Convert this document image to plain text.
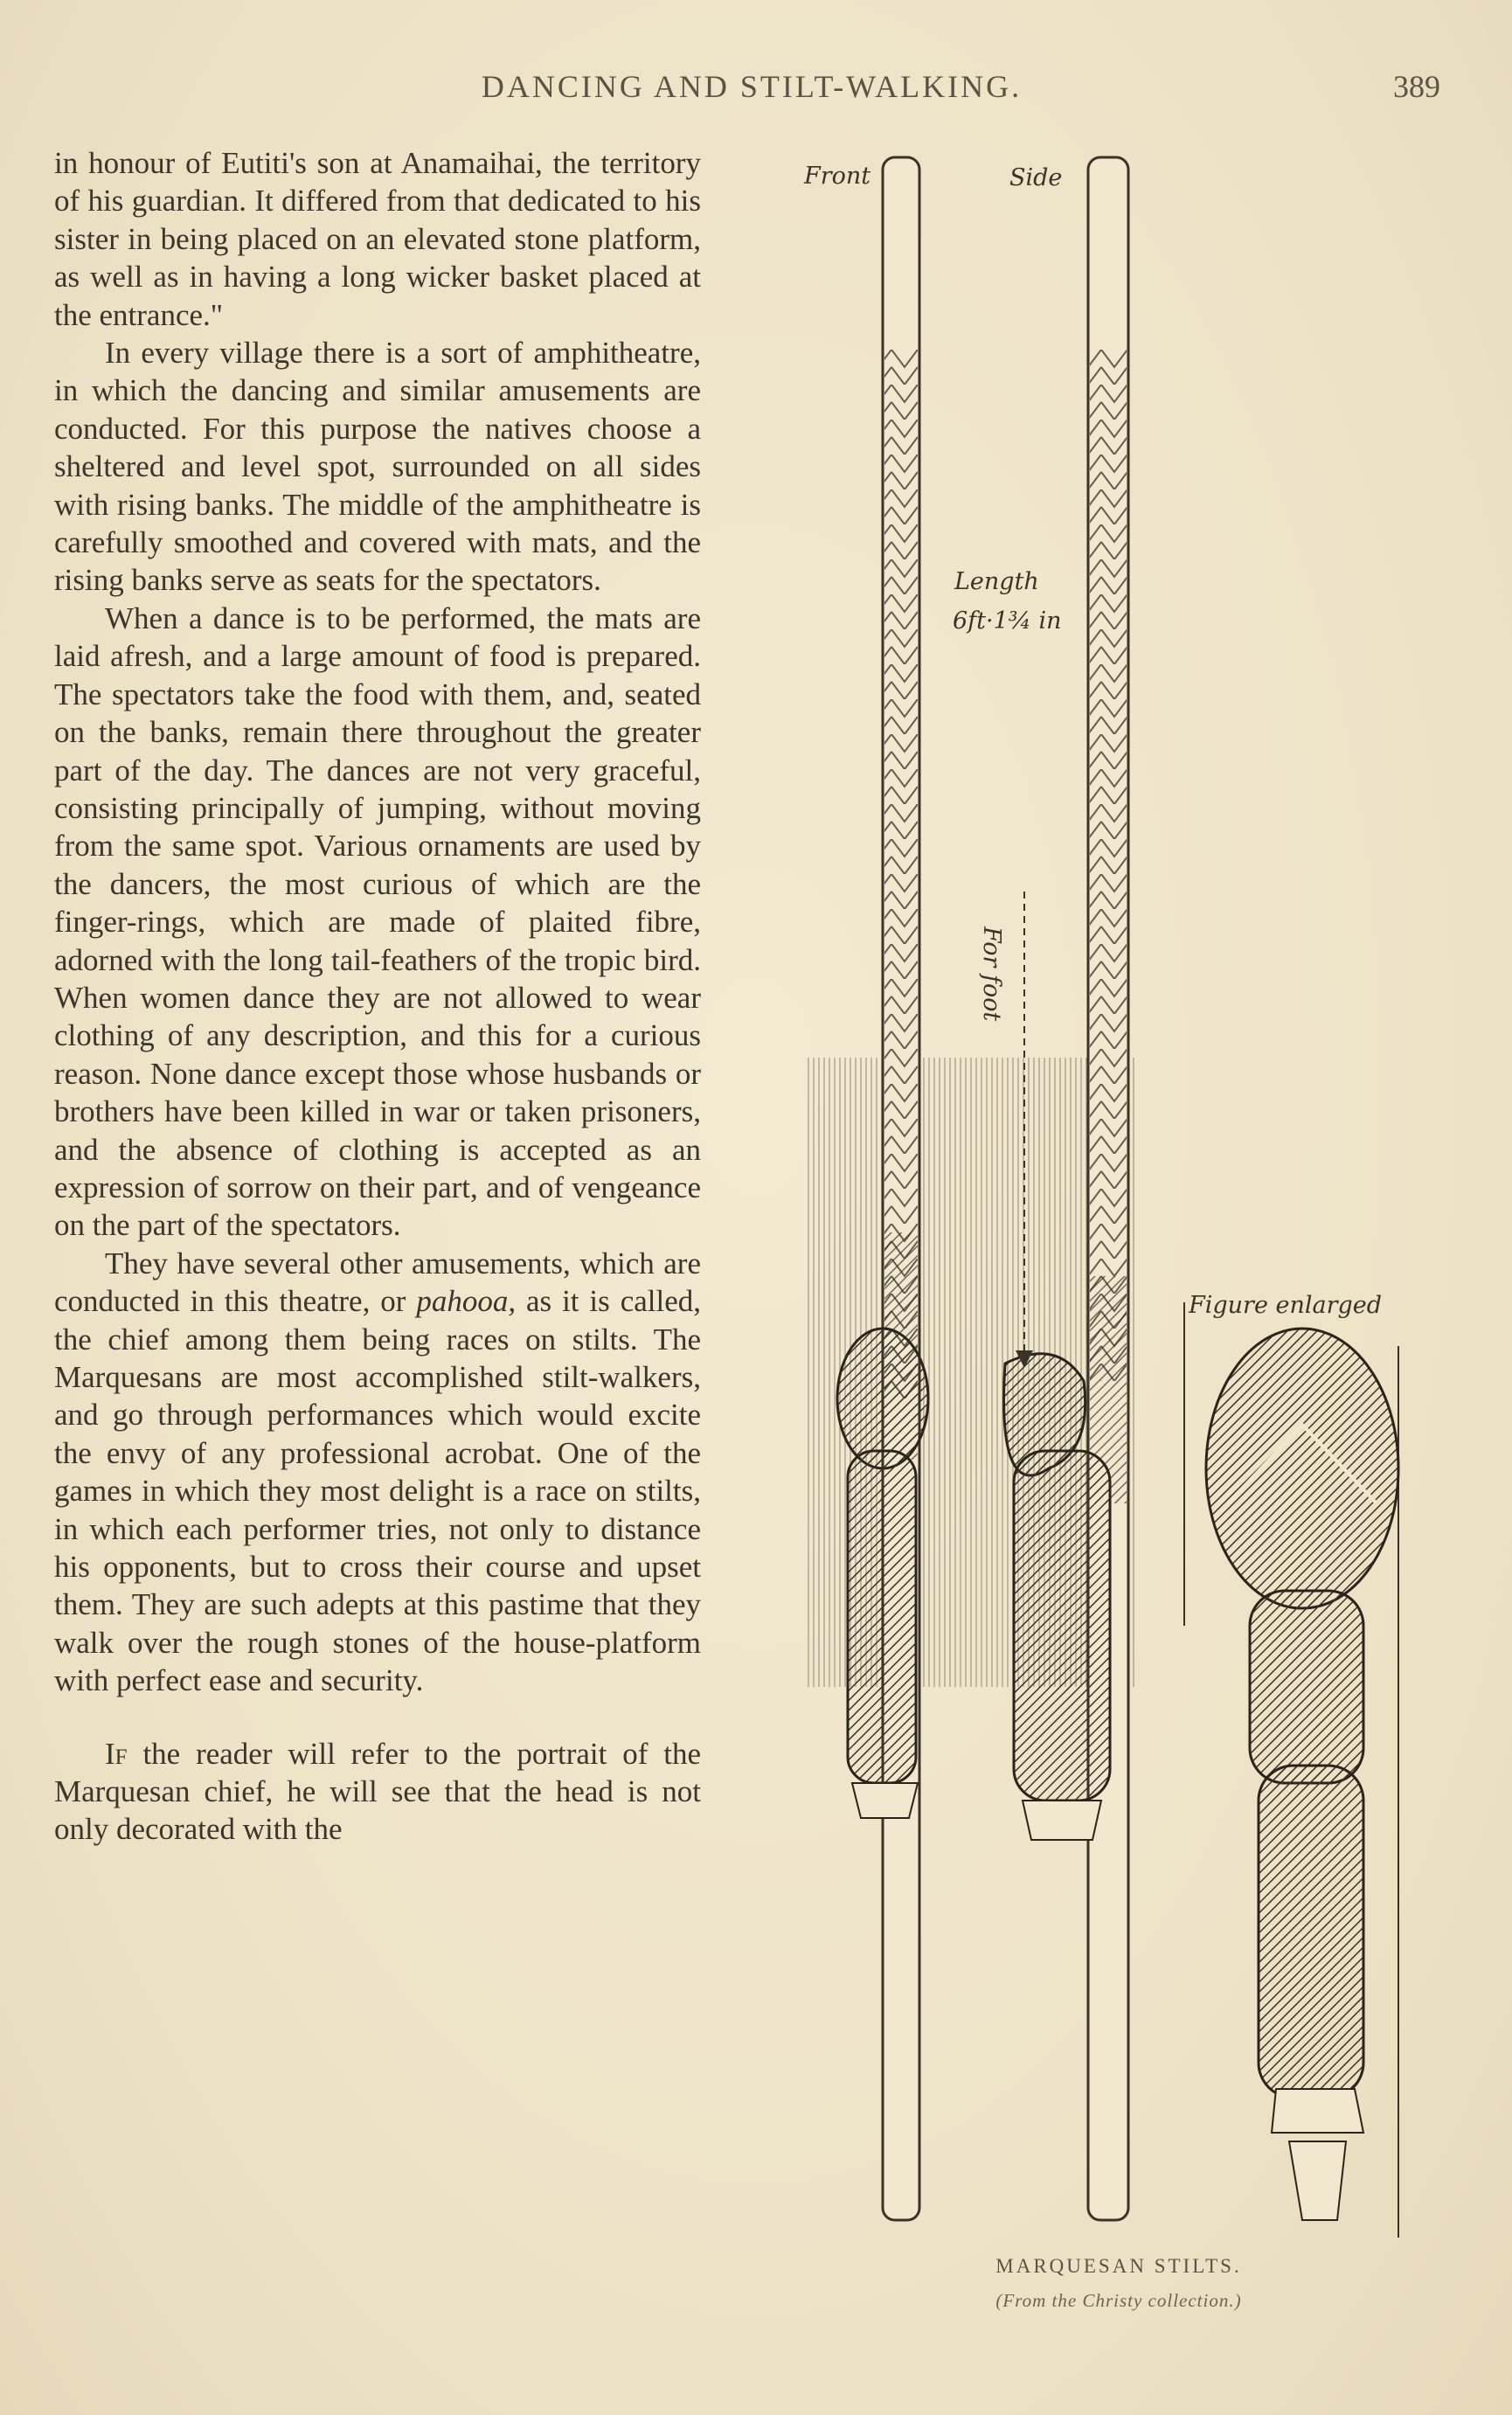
DANCING AND STILT-WALKING.	389

in honour of Eutiti's son at Anamaihai, the territory of his guardian. It differed from that dedicated to his sister in being placed on an elevated stone platform, as well as in having a long wicker basket placed at the entrance."

In every village there is a sort of amphitheatre, in which the dancing and similar amusements are conducted. For this purpose the natives choose a sheltered and level spot, surrounded on all sides with rising banks. The middle of the amphitheatre is carefully smoothed and covered with mats, and the rising banks serve as seats for the spectators.

When a dance is to be performed, the mats are laid afresh, and a large amount of food is prepared. The spectators take the food with them, and, seated on the banks, remain there throughout the greater part of the day. The dances are not very graceful, consisting principally of jumping, without moving from the same spot. Various ornaments are used by the dancers, the most curious of which are the finger-rings, which are made of plaited fibre, adorned with the long tail-feathers of the tropic bird. When women dance they are not allowed to wear clothing of any description, and this for a curious reason. None dance except those whose husbands or brothers have been killed in war or taken prisoners, and the absence of clothing is accepted as an expression of sorrow on their part, and of vengeance on the part of the spectators.

They have several other amusements, which are conducted in this theatre, or pahooa, as it is called, the chief among them being races on stilts. The Marquesans are most accomplished stilt-walkers, and go through performances which would excite the envy of any professional acrobat. One of the games in which they most delight is a race on stilts, in which each performer tries, not only to distance his opponents, but to cross their course and upset them. They are such adepts at this pastime that they walk over the rough stones of the house-platform with perfect ease and security.

If the reader will refer to the portrait of the Marquesan chief, he will see that the head is not only decorated with the

Front	Side
Length
6ft·1¾ in
For foot
Figure enlarged
MARQUESAN STILTS.
(From the Christy collection.)
